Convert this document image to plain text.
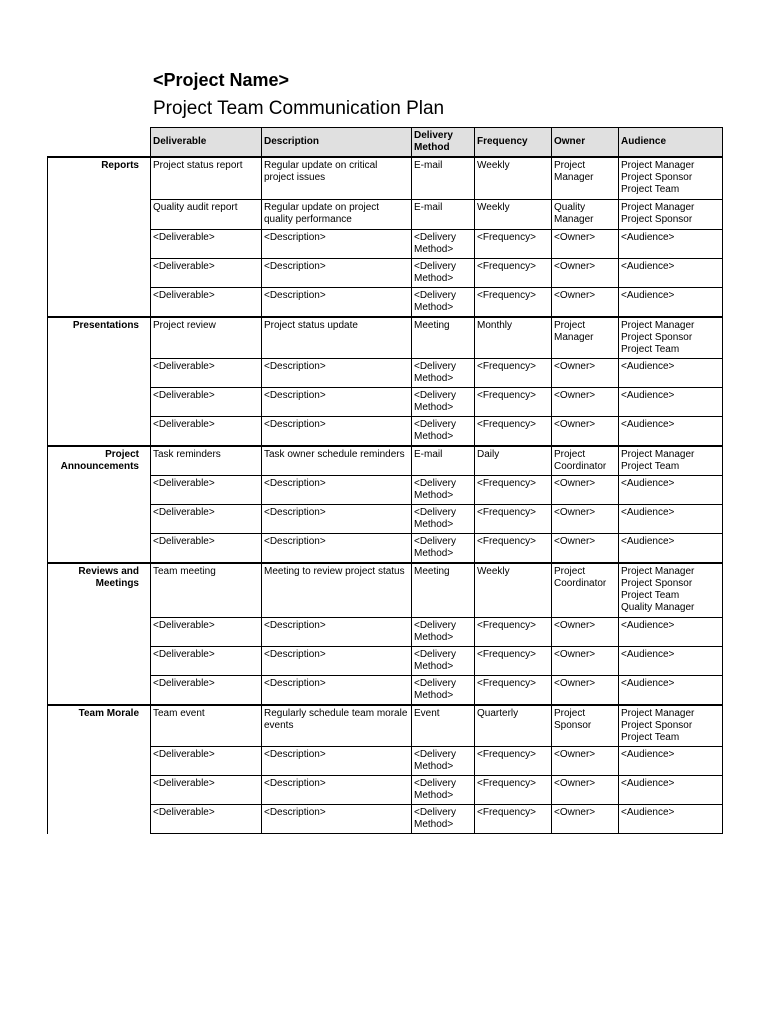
<Project Name>
Project Team Communication Plan
	Deliverable	Description	Delivery Method	Frequency	Owner	Audience
Reports	Project status report	Regular update on critical project issues	E-mail	Weekly	Project Manager	Project Manager
Project Sponsor
Project Team

	Quality audit report	Regular update on project quality performance	E-mail	Weekly	Quality Manager	Project Manager
Project Sponsor

	<Deliverable>	<Description>	<Delivery Method>	<Frequency>	<Owner>	<Audience>

	<Deliverable>	<Description>	<Delivery Method>	<Frequency>	<Owner>	<Audience>

	<Deliverable>	<Description>	<Delivery Method>	<Frequency>	<Owner>	<Audience>

Presentations	Project review	Project status update	Meeting	Monthly	Project Manager	Project Manager
Project Sponsor
Project Team

	<Deliverable>	<Description>	<Delivery Method>	<Frequency>	<Owner>	<Audience>

	<Deliverable>	<Description>	<Delivery Method>	<Frequency>	<Owner>	<Audience>

	<Deliverable>	<Description>	<Delivery Method>	<Frequency>	<Owner>	<Audience>

Project Announcements	Task reminders	Task owner schedule reminders	E-mail	Daily	Project Coordinator	Project Manager
Project Team

	<Deliverable>	<Description>	<Delivery Method>	<Frequency>	<Owner>	<Audience>

	<Deliverable>	<Description>	<Delivery Method>	<Frequency>	<Owner>	<Audience>

	<Deliverable>	<Description>	<Delivery Method>	<Frequency>	<Owner>	<Audience>

Reviews and Meetings	Team meeting	Meeting to review project status	Meeting	Weekly	Project Coordinator	Project Manager
Project Sponsor
Project Team
Quality Manager

	<Deliverable>	<Description>	<Delivery Method>	<Frequency>	<Owner>	<Audience>

	<Deliverable>	<Description>	<Delivery Method>	<Frequency>	<Owner>	<Audience>

	<Deliverable>	<Description>	<Delivery Method>	<Frequency>	<Owner>	<Audience>

Team Morale	Team event	Regularly schedule team morale events	Event	Quarterly	Project Sponsor	Project Manager
Project Sponsor
Project Team

	<Deliverable>	<Description>	<Delivery Method>	<Frequency>	<Owner>	<Audience>

	<Deliverable>	<Description>	<Delivery Method>	<Frequency>	<Owner>	<Audience>

	<Deliverable>	<Description>	<Delivery Method>	<Frequency>	<Owner>	<Audience>
